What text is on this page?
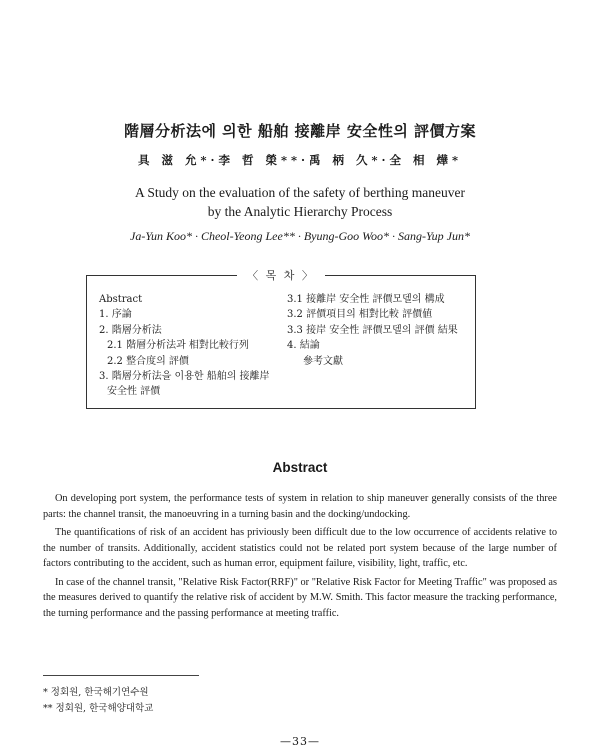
階層分析法에 의한 船舶 接離岸 安全性의 評價方案
具 滋 允*·李 哲 榮**·禹 柄 久*·全 相 燁*
A Study on the evaluation of the safety of berthing maneuver
by the Analytic Hierarchy Process
Ja-Yun Koo* · Cheol-Yeong Lee** · Byung-Goo Woo* · Sang-Yup Jun*
〈 목 차 〉
Abstract
1. 序論
2. 階層分析法
2.1 階層分析法과 相對比較行列
2.2 整合度의 評價
3. 階層分析法을 이용한 船舶의 接離岸
安全性 評價
3.1 接離岸 安全性 評價모델의 構成
3.2 評價項目의 相對比較 評價値
3.3 接岸 安全性 評價모델의 評價 結果
4. 結論
參考文獻
Abstract

On developing port system, the performance tests of system in relation to ship maneuver generally consists of the three parts: the channel transit, the manoeuvring in a turning basin and the docking/undocking.

The quantifications of risk of an accident has priviously been difficult due to the low occurrence of accidents relative to the number of transits. Additionally, accident statistics could not be related port system because of the large number of factors contributing to the accident, such as human error, equipment failure, visibility, light, traffic, etc.

In case of the channel transit, "Relative Risk Factor(RRF)" or "Relative Risk Factor for Meeting Traffic" was proposed as the measures derived to quantify the relative risk of accident by M.W. Smith. This factor measure the tracking performance, the turning performance and the passing performance at meeting traffic.

* 정회원, 한국해기연수원
** 정회원, 한국해양대학교
—33—
